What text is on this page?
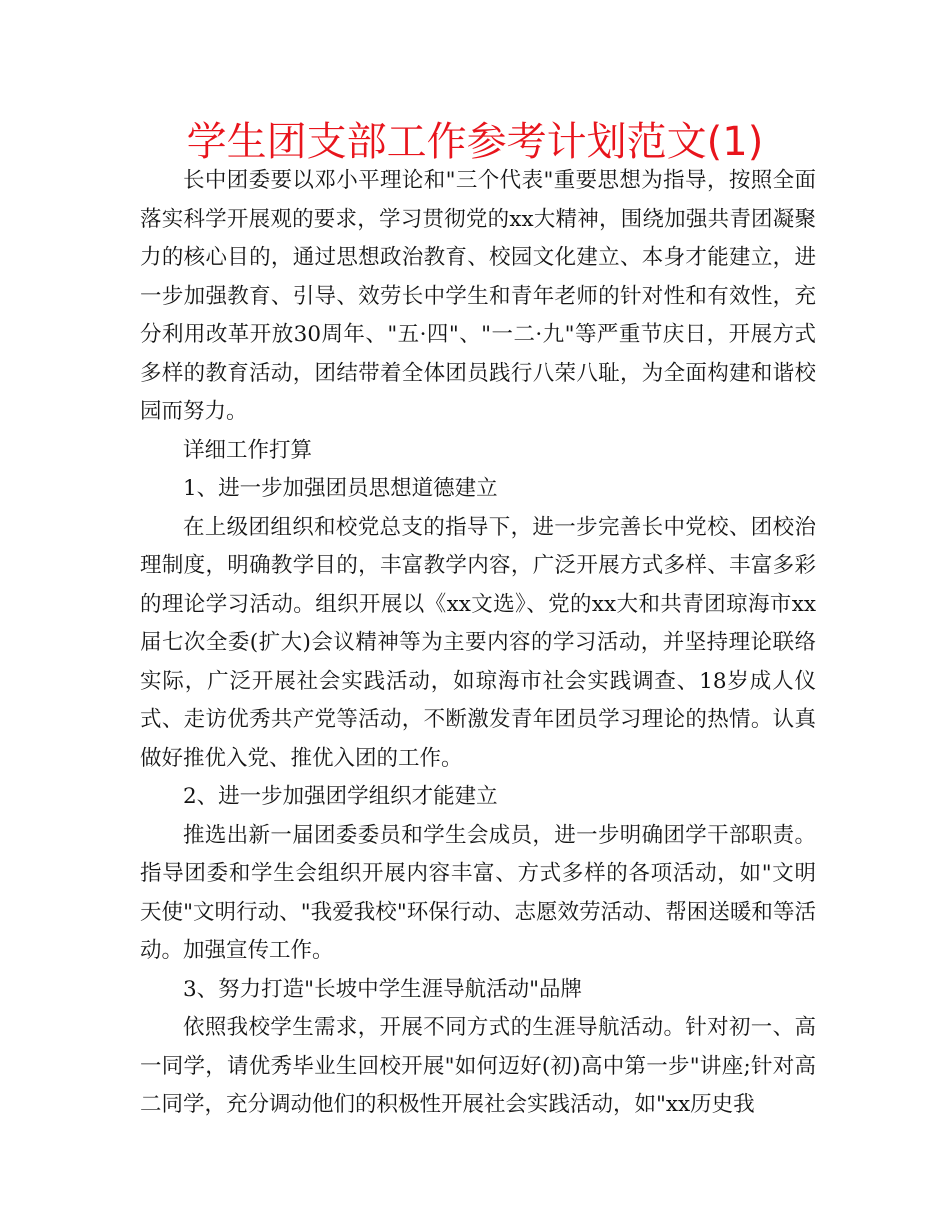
学生团支部工作参考计划范文(1)

长中团委要以邓小平理论和"三个代表"重要思想为指导，按照全面落实科学开展观的要求，学习贯彻党的xx大精神，围绕加强共青团凝聚力的核心目的，通过思想政治教育、校园文化建立、本身才能建立，进一步加强教育、引导、效劳长中学生和青年老师的针对性和有效性，充分利用改革开放30周年、"五·四"、"一二·九"等严重节庆日，开展方式多样的教育活动，团结带着全体团员践行八荣八耻，为全面构建和谐校园而努力。

详细工作打算

1、进一步加强团员思想道德建立

在上级团组织和校党总支的指导下，进一步完善长中党校、团校治理制度，明确教学目的，丰富教学内容，广泛开展方式多样、丰富多彩的理论学习活动。组织开展以《xx文选》、党的xx大和共青团琼海市xx届七次全委(扩大)会议精神等为主要内容的学习活动，并坚持理论联络实际，广泛开展社会实践活动，如琼海市社会实践调查、18岁成人仪式、走访优秀共产党等活动，不断激发青年团员学习理论的热情。认真做好推优入党、推优入团的工作。

2、进一步加强团学组织才能建立

推选出新一届团委委员和学生会成员，进一步明确团学干部职责。指导团委和学生会组织开展内容丰富、方式多样的各项活动，如"文明天使"文明行动、"我爱我校"环保行动、志愿效劳活动、帮困送暖和等活动。加强宣传工作。

3、努力打造"长坡中学生涯导航活动"品牌

依照我校学生需求，开展不同方式的生涯导航活动。针对初一、高一同学，请优秀毕业生回校开展"如何迈好(初)高中第一步"讲座;针对高二同学，充分调动他们的积极性开展社会实践活动，如"xx历史我
